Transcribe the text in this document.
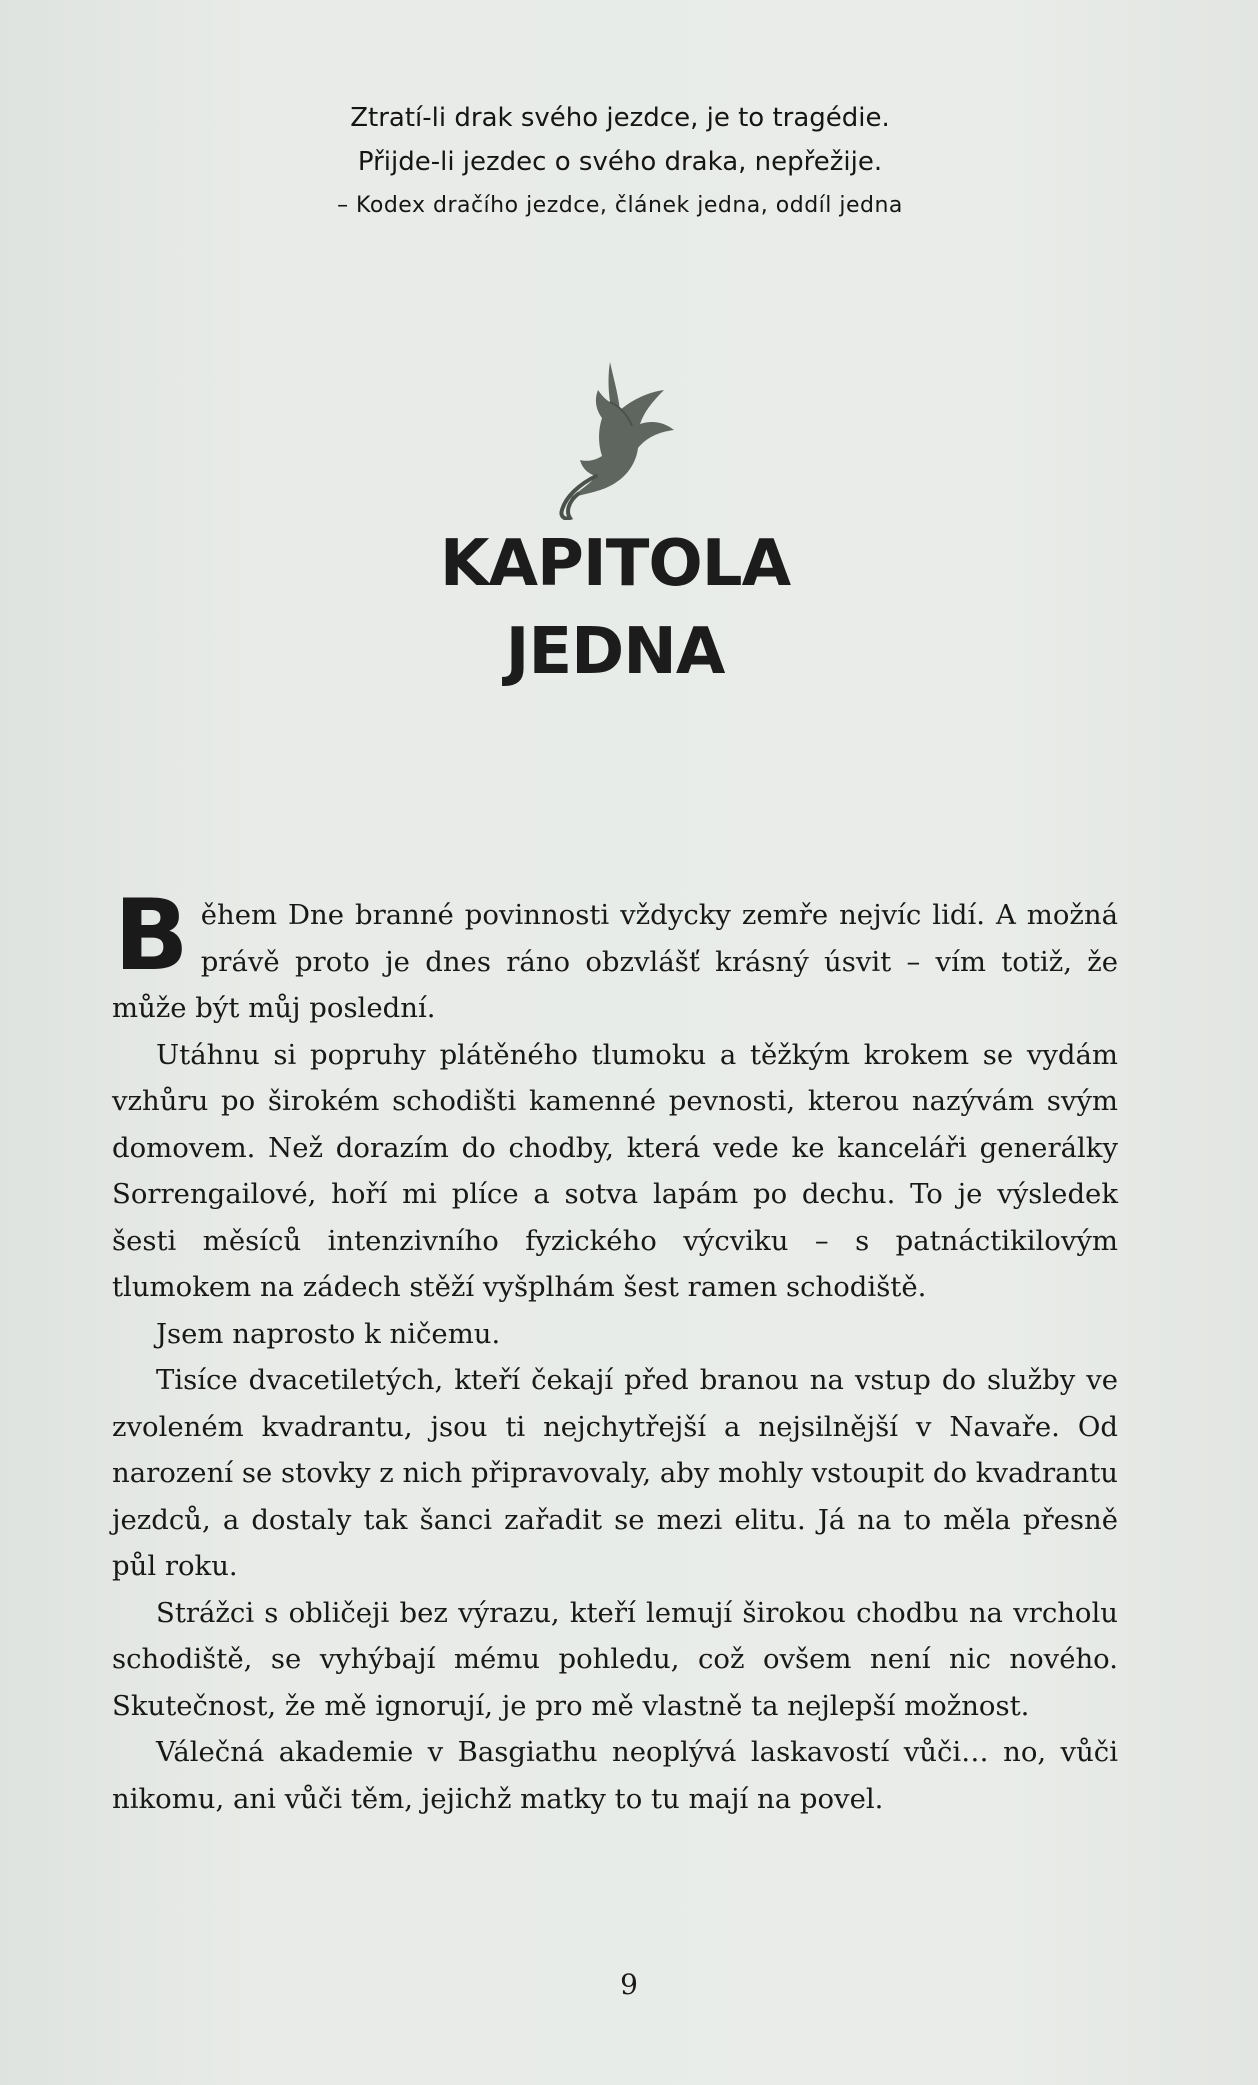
Ztratí-li drak svého jezdce, je to tragédie.
Přijde-li jezdec o svého draka, nepřežije.
– Kodex dračího jezdce, článek jedna, oddíl jedna
KAPITOLA
JEDNA

Během Dne branné povinnosti vždycky zemře nejvíc lidí. A možná právě proto je dnes ráno obzvlášť krásný úsvit – vím totiž, že může být můj poslední.

Utáhnu si popruhy plátěného tlumoku a těžkým krokem se vydám vzhůru po širokém schodišti kamenné pevnosti, kterou nazývám svým domovem. Než dorazím do chodby, která vede ke kanceláři generálky Sorrengailové, hoří mi plíce a sotva lapám po dechu. To je výsledek šesti měsíců intenzivního fyzického výcviku – s patnáctikilovým tlumokem na zádech stěží vyšplhám šest ramen schodiště.

Jsem naprosto k ničemu.

Tisíce dvacetiletých, kteří čekají před branou na vstup do služby ve zvoleném kvadrantu, jsou ti nejchytřejší a nejsilnější v Navaře. Od narození se stovky z nich připravovaly, aby mohly vstoupit do kvadrantu jezdců, a dostaly tak šanci zařadit se mezi elitu. Já na to měla přesně půl roku.

Strážci s obličeji bez výrazu, kteří lemují širokou chodbu na vrcholu schodiště, se vyhýbají mému pohledu, což ovšem není nic nového. Skutečnost, že mě ignorují, je pro mě vlastně ta nejlepší možnost.

Válečná akademie v Basgiathu neoplývá laskavostí vůči… no, vůči nikomu, ani vůči těm, jejichž matky to tu mají na povel.

9
